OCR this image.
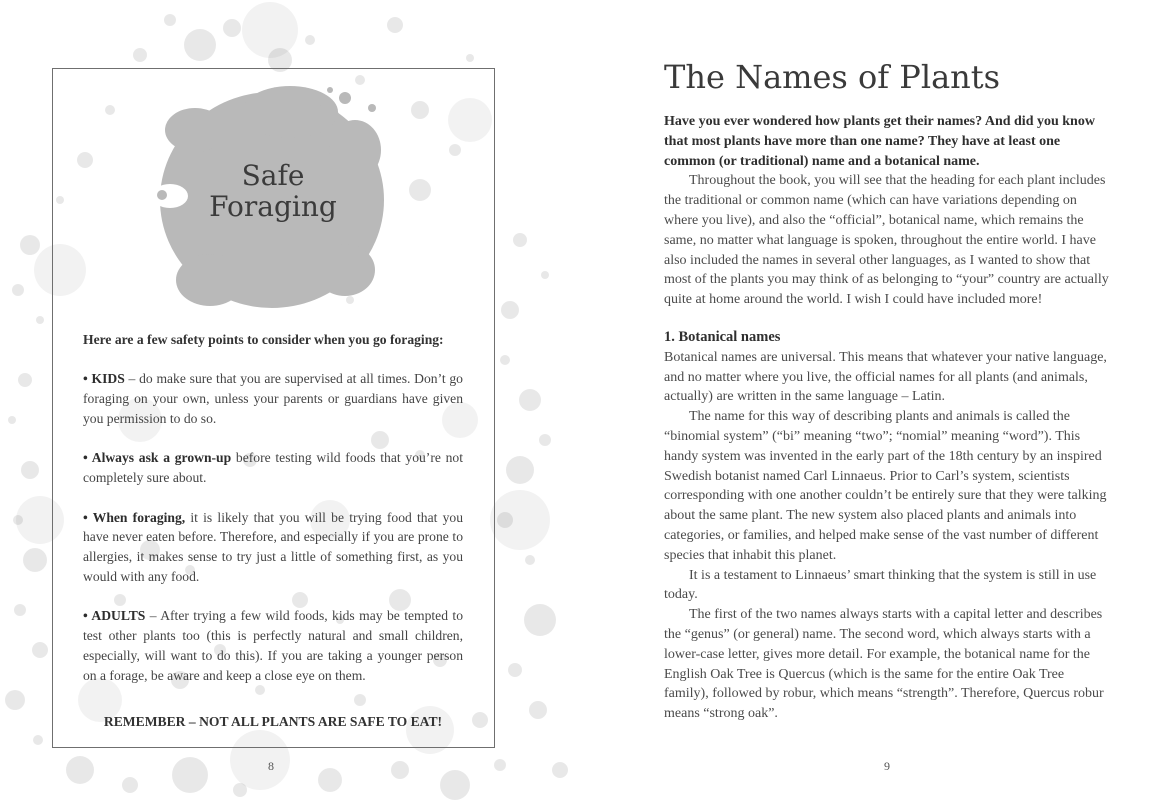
Safe
Foraging

Here are a few safety points to consider when you go foraging:

• KIDS – do make sure that you are supervised at all times. Don’t go foraging on your own, unless your parents or guardians have given you permission to do so.

• Always ask a grown-up before testing wild foods that you’re not completely sure about.

• When foraging, it is likely that you will be trying food that you have never eaten before. Therefore, and especially if you are prone to allergies, it makes sense to try just a little of something first, as you would with any food.

• ADULTS – After trying a few wild foods, kids may be tempted to test other plants too (this is perfectly natural and small children, especially, will want to do this). If you are taking a younger person on a forage, be aware and keep a close eye on them.

REMEMBER – NOT ALL PLANTS ARE SAFE TO EAT!
8
The Names of Plants

Have you ever wondered how plants get their names? And did you know that most plants have more than one name? They have at least one common (or traditional) name and a botanical name.

Throughout the book, you will see that the heading for each plant includes the traditional or common name (which can have variations depending on where you live), and also the “official”, botanical name, which remains the same, no matter what language is spoken, throughout the entire world. I have also included the names in several other languages, as I wanted to show that most of the plants you may think of as belonging to “your” country are actually quite at home around the world. I wish I could have included more!

1. Botanical names

Botanical names are universal. This means that whatever your native language, and no matter where you live, the official names for all plants (and animals, actually) are written in the same language – Latin.

The name for this way of describing plants and animals is called the “binomial system” (“bi” meaning “two”; “nomial” meaning “word”). This handy system was invented in the early part of the 18th century by an inspired Swedish botanist named Carl Linnaeus. Prior to Carl’s system, scientists corresponding with one another couldn’t be entirely sure that they were talking about the same plant. The new system also placed plants and animals into categories, or families, and helped make sense of the vast number of different species that inhabit this planet.

It is a testament to Linnaeus’ smart thinking that the system is still in use today.

The first of the two names always starts with a capital letter and describes the “genus” (or general) name. The second word, which always starts with a lower-case letter, gives more detail. For example, the botanical name for the English Oak Tree is Quercus (which is the same for the entire Oak Tree family), followed by robur, which means “strength”. Therefore, Quercus robur means “strong oak”.

9
